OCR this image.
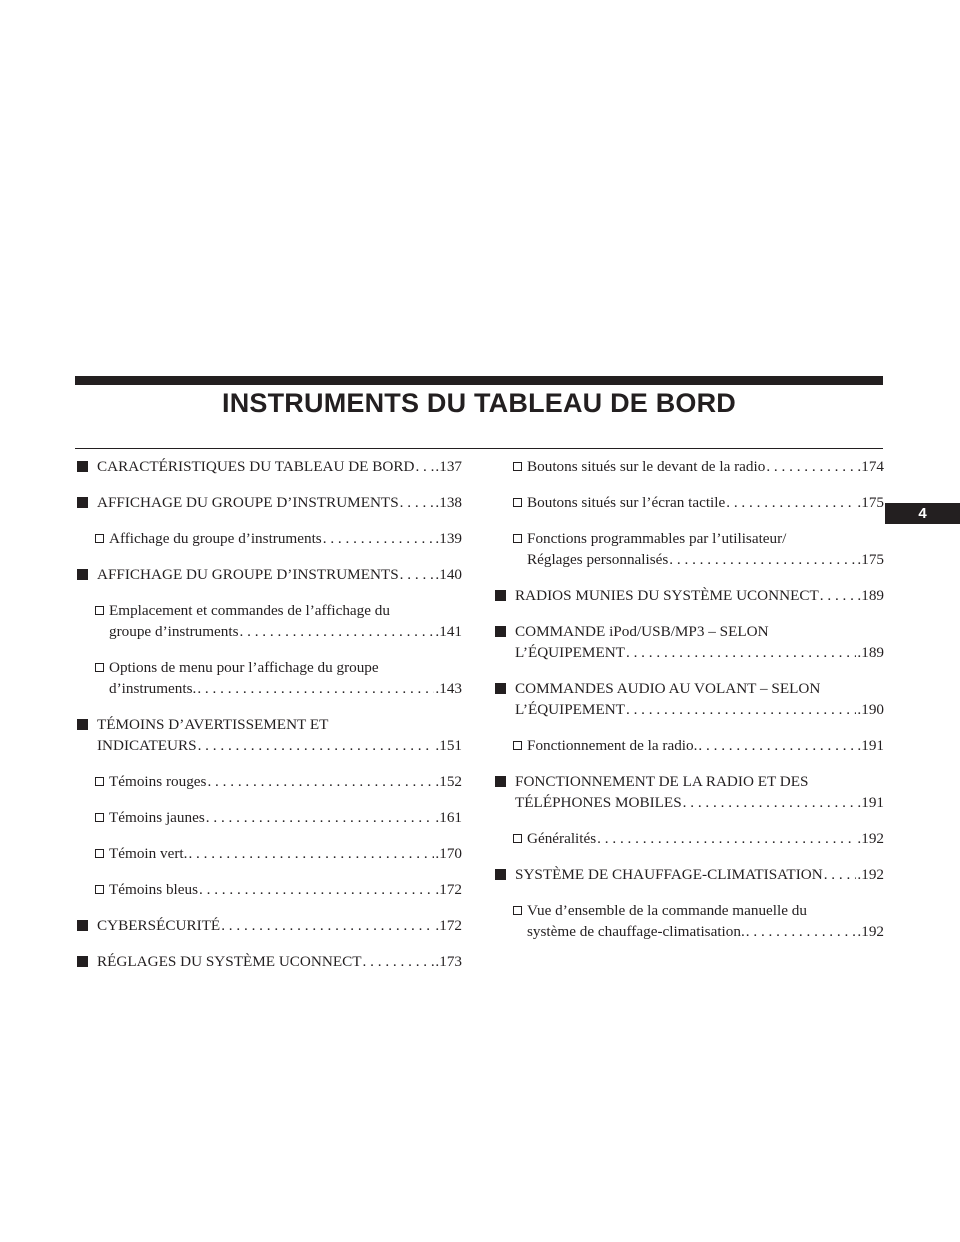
INSTRUMENTS DU TABLEAU DE BORD
CARACTÉRISTIQUES DU TABLEAU DE BORD . . . .137
AFFICHAGE DU GROUPE D’INSTRUMENTS . . . .138
Affichage du groupe d’instruments . . .	.139
AFFICHAGE DU GROUPE D’INSTRUMENTS . . . .140
Emplacement et commandes de l’affichage du
groupe d’instruments . . .	.141
Options de menu pour l’affichage du groupe
d’instruments. . . .	.143
TÉMOINS D’AVERTISSEMENT ET
INDICATEURS . . .	.151
Témoins rouges . . .	.152
Témoins jaunes . . .	.161
Témoin vert. . . .	.170
Témoins bleus . . .	.172
CYBERSÉCURITÉ . . .	.172
RÉGLAGES DU SYSTÈME UCONNECT . . .	.173
Boutons situés sur le devant de la radio . . .	.174
Boutons situés sur l’écran tactile . . .	.175
Fonctions programmables par l’utilisateur/
Réglages personnalisés . . .	.175
RADIOS MUNIES DU SYSTÈME UCONNECT . . .	.189
COMMANDE iPod/USB/MP3 – SELON
L’ÉQUIPEMENT . . .	.189
COMMANDES AUDIO AU VOLANT – SELON
L’ÉQUIPEMENT . . .	.190
Fonctionnement de la radio. . . .	.191
FONCTIONNEMENT DE LA RADIO ET DES
TÉLÉPHONES MOBILES . . .	.191
Généralités . . .	.192
SYSTÈME DE CHAUFFAGE-CLIMATISATION . . . .192
Vue d’ensemble de la commande manuelle du
système de chauffage-climatisation. . . .	.192
4
